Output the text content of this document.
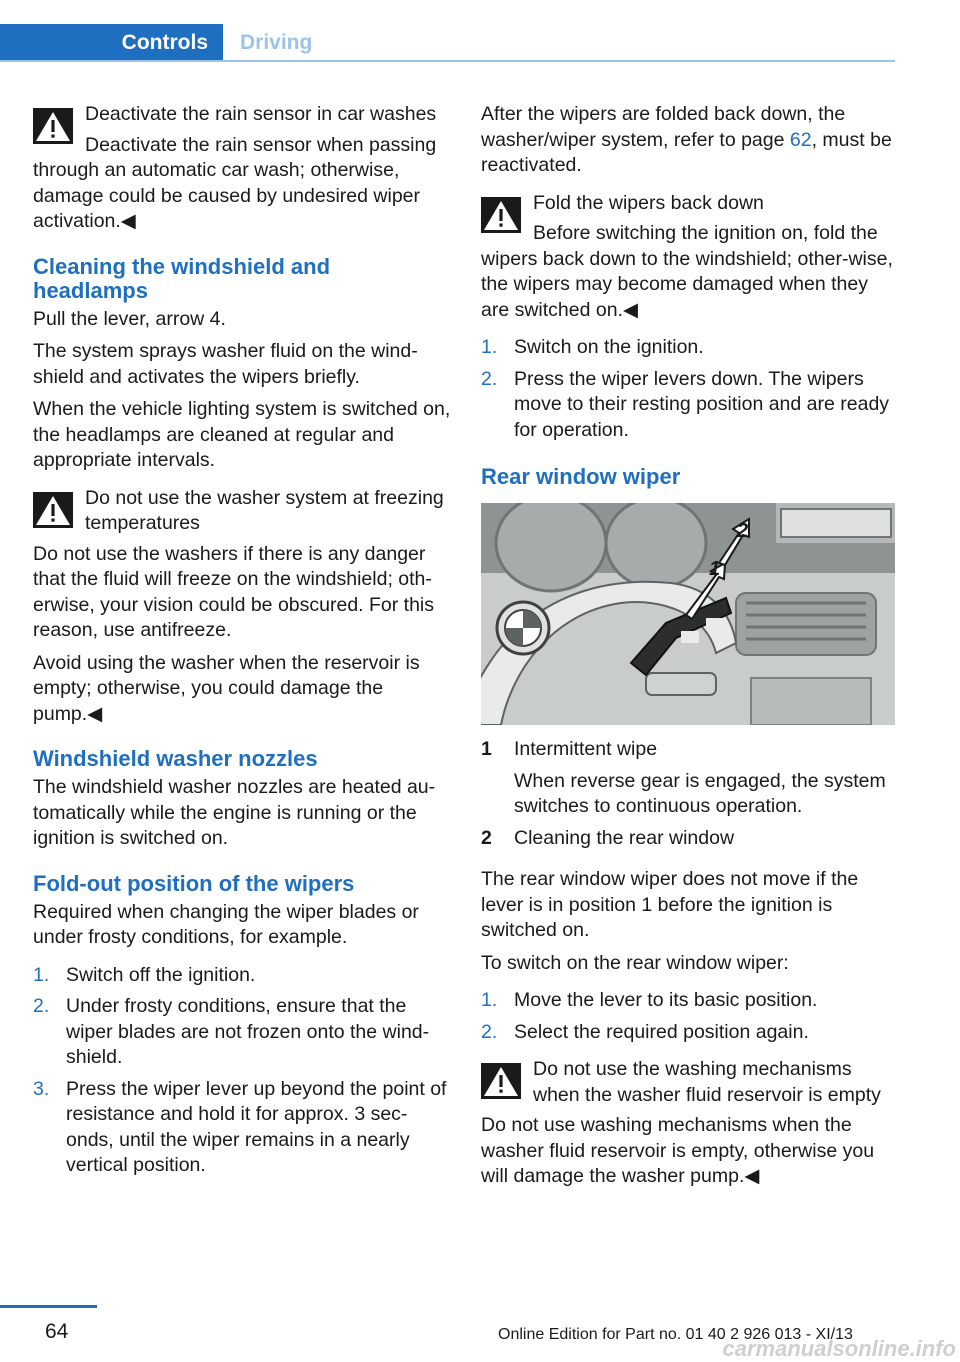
Controls Driving

Deactivate the rain sensor in car washes

Deactivate the rain sensor when passing

through an automatic car wash; otherwise, damage could be caused by undesired wiper activation.◀

Cleaning the windshield and headlamps

Pull the lever, arrow 4.

The system sprays washer fluid on the wind‐shield and activates the wipers briefly.

When the vehicle lighting system is switched on, the headlamps are cleaned at regular and appropriate intervals.

Do not use the washer system at freezing temperatures

Do not use the washers if there is any danger that the fluid will freeze on the windshield; oth‐erwise, your vision could be obscured. For this reason, use antifreeze.

Avoid using the washer when the reservoir is empty; otherwise, you could damage the pump.◀

Windshield washer nozzles

The windshield washer nozzles are heated au‐tomatically while the engine is running or the ignition is switched on.

Fold-out position of the wipers

Required when changing the wiper blades or under frosty conditions, for example.

1. Switch off the ignition.
2. Under frosty conditions, ensure that the wiper blades are not frozen onto the wind‐shield.
3. Press the wiper lever up beyond the point of resistance and hold it for approx. 3 sec‐onds, until the wiper remains in a nearly vertical position.

After the wipers are folded back down, the washer/wiper system, refer to page 62, must be reactivated.

Fold the wipers back down

Before switching the ignition on, fold the

wipers back down to the windshield; other‐wise, the wipers may become damaged when they are switched on.◀

1. Switch on the ignition.
2. Press the wiper levers down. The wipers move to their resting position and are ready for operation.
Rear window wiper
1
2
1 Intermittent wipe

When reverse gear is engaged, the system switches to continuous operation.

2 Cleaning the rear window

The rear window wiper does not move if the lever is in position 1 before the ignition is switched on.

To switch on the rear window wiper:

1. Move the lever to its basic position.
2. Select the required position again.

Do not use the washing mechanisms when the washer fluid reservoir is empty

Do not use washing mechanisms when the washer fluid reservoir is empty, otherwise you will damage the washer pump.◀

64	Online Edition for Part no. 01 40 2 926 013 - XI/13
carmanualsonline.info
